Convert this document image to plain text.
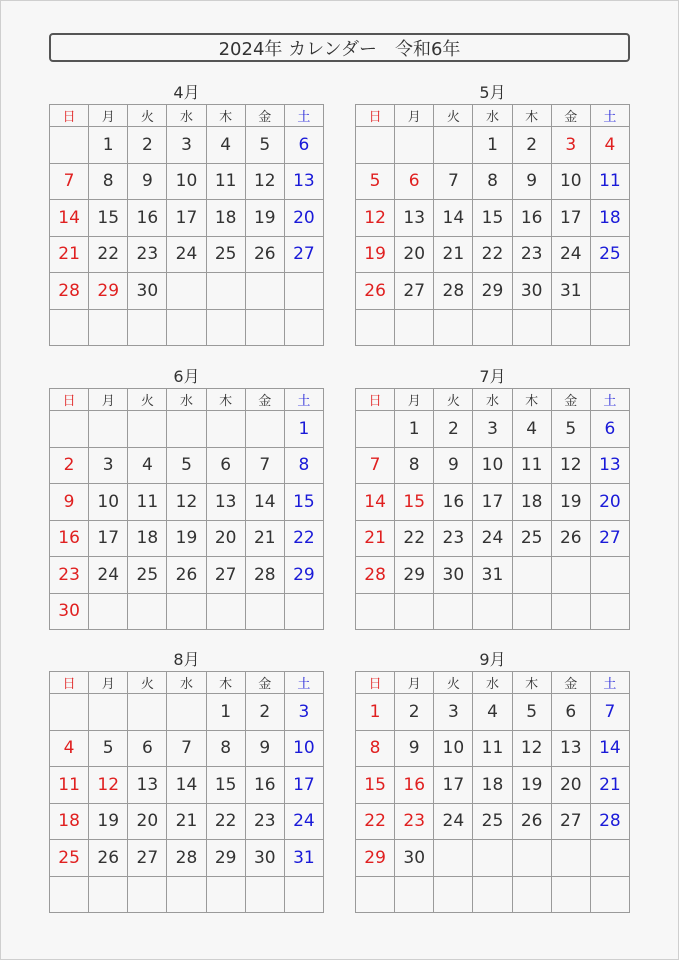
2024年 カレンダー　令和6年
4月
日	月	火	水	木	金	土
	1	2	3	4	5	6
7	8	9	10	11	12	13
14	15	16	17	18	19	20
21	22	23	24	25	26	27
28	29	30				

5月
日	月	火	水	木	金	土
			1	2	3	4
5	6	7	8	9	10	11
12	13	14	15	16	17	18
19	20	21	22	23	24	25
26	27	28	29	30	31	

6月
日	月	火	水	木	金	土
						1
2	3	4	5	6	7	8
9	10	11	12	13	14	15
16	17	18	19	20	21	22
23	24	25	26	27	28	29
30						
7月
日	月	火	水	木	金	土
	1	2	3	4	5	6
7	8	9	10	11	12	13
14	15	16	17	18	19	20
21	22	23	24	25	26	27
28	29	30	31			

8月
日	月	火	水	木	金	土
				1	2	3
4	5	6	7	8	9	10
11	12	13	14	15	16	17
18	19	20	21	22	23	24
25	26	27	28	29	30	31

9月
日	月	火	水	木	金	土
1	2	3	4	5	6	7
8	9	10	11	12	13	14
15	16	17	18	19	20	21
22	23	24	25	26	27	28
29	30					
